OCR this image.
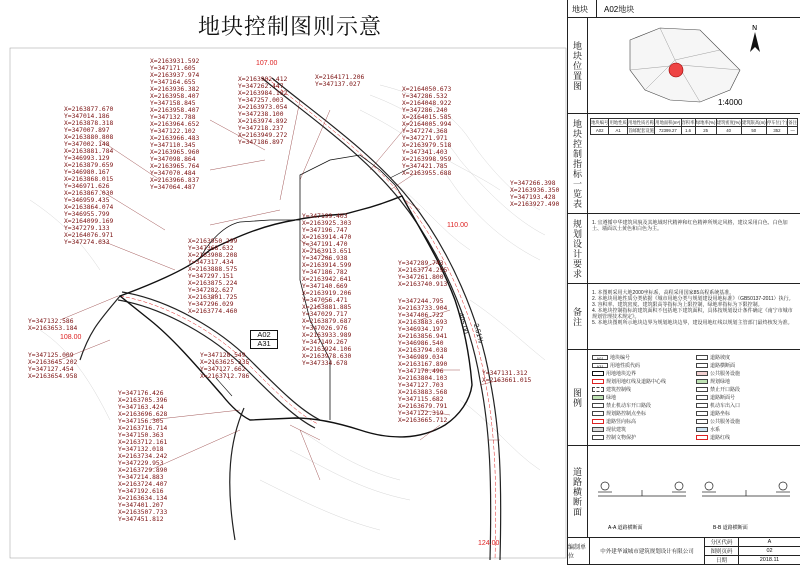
地块控制图则示意
A02
A31
107.00
110.00
108.00
124.00
2.51%
405.00
X=2163931.592
Y=347171.605
X=2163937.974
Y=347164.655
X=2163936.382
X=2163958.407
Y=347158.845
X=2163958.407
Y=347132.788
X=2163964.652
Y=347122.102
X=2163966.483
Y=347110.345
X=2163965.960
Y=347098.864
X=2163965.764
Y=347070.484
X=2163966.837
Y=347064.487
X=2163902.412
Y=347262.447
X=2163984.102
Y=347257.003
X=2163973.054
Y=347238.100
X=2163974.892
Y=347218.237
X=2163949.272
Y=347186.897
X=2164171.206
Y=347137.027
X=2163877.670
Y=347014.186
X=2163878.318
Y=347007.897
X=2163880.808
Y=347002.148
X=2163881.784
Y=346993.129
X=2163879.659
Y=346980.167
X=2163868.015
Y=346971.626
X=2163867.030
Y=346959.435
X=2163864.074
Y=346955.799
X=2164099.169
Y=347279.133
X=2164076.971
Y=347274.633
X=2164050.673
Y=347286.532
X=2164048.922
Y=347286.240
X=2164015.585
X=2164005.994
Y=347274.368
Y=347271.971
X=2163979.518
Y=347341.403
X=2163998.959
Y=347421.785
X=2163955.688
Y=347266.398
X=2163936.350
Y=347193.428
X=2163927.490
Y=347199.403
X=2163925.303
Y=347196.747
X=2163914.470
Y=347191.470
X=2163913.651
Y=347206.938
X=2163914.599
Y=347186.782
X=2163942.641
Y=347140.669
X=2163919.206
Y=347056.471
X=2163881.885
Y=347029.717
X=2163879.687
Y=347026.976
X=2163933.989
Y=347149.267
X=2163924.106
X=2163978.630
Y=347334.678
X=2163950.299
Y=347368.632
X=2163908.208
Y=347317.434
X=2163888.575
Y=347297.151
X=2163875.224
Y=347282.627
X=2163801.725
Y=347296.029
X=2163774.460
Y=347289.743
X=2163774.295
Y=347261.800
X=2163740.913
Y=347244.795
X=2163733.904
Y=347406.722
X=2163883.693
Y=346934.197
X=2163856.941
Y=346986.540
X=2163794.038
Y=346989.034
X=2163167.890
Y=347170.496
X=2163804.103
Y=347127.703
X=2163883.568
Y=347115.682
X=2163679.791
Y=347122.319
X=2163665.712
Y=347131.312
X=2163661.015
Y=347132.586
X=2163653.184
Y=347125.009
X=2163645.202
Y=347127.454
X=2163654.958
Y=347128.549
X=2163625.335
Y=347127.662
X=2163712.786
Y=347176.426
X=2163705.396
Y=347163.424
X=2163696.628
Y=347156.305
X=2163716.714
Y=347150.363
X=2163712.161
Y=347132.018
X=2163734.242
Y=347229.953
X=2163729.890
Y=347214.883
X=2163724.407
Y=347192.616
X=2163634.134
Y=347401.207
X=2163507.733
Y=347451.812
地块 A02地块
地
块
位
置
图
N
1:4000
地
块
控
制
指
标
一
览
表
地块编号	用地性质	用地性质名称	用地面积(m²)	容积率	绿地率(%)	建筑密度(%)	建筑限高(m)	停车位(个)	备注
A02	A1	首邮配套设施	72399.27	1.6	25	40	50	352	—
规
划
设
计
要
求
1. 宜遵循中华建筑风貌及其地域时代精神和红色精神所规定风格，建议采用白色、白色加土、墙面以土黄色和白色为主。
备
注
1. 本图则采用大地2000坐标系，高程采用国家85高程系统基准。
2. 本地块用地性质分类依据《城市用地分类与规划建设用地标准》（GB50137-2011）执行。
3. 容积率、建筑密度、建筑限高等指标为上限控制，绿地率指标为下限控制。
4. 本地块控制指标的建筑面积不包括地下建筑面积，具体按规划设计条件确定《南宁市城市规划管理技术规定》。
5. 本地块图则所示地块边界为规划地块边界，建设用地红线以规划主管部门最终核发为准。
图
例
A01	地块编号
A31	用地性质代码
用地地块边界
规划用地红线及道路中心线
建筑控制线
绿地
禁止机动车开口路段
规划路控制点坐标
道路竖向标高
现状建筑
控制文物保护
道路坡度
道路横断面
公共服务设施
规划绿地
禁止开口路段
道路断面号
机动车出入口
道路坐标
公共服务设施
水系
道路红线
道
路
横
断
面
A-A 道路横断面	B-B 道路横断面
编制单位
中外建华诚城市建筑规划设计有限公司
分区代码	A
图则页码	02
日期	2018.11
